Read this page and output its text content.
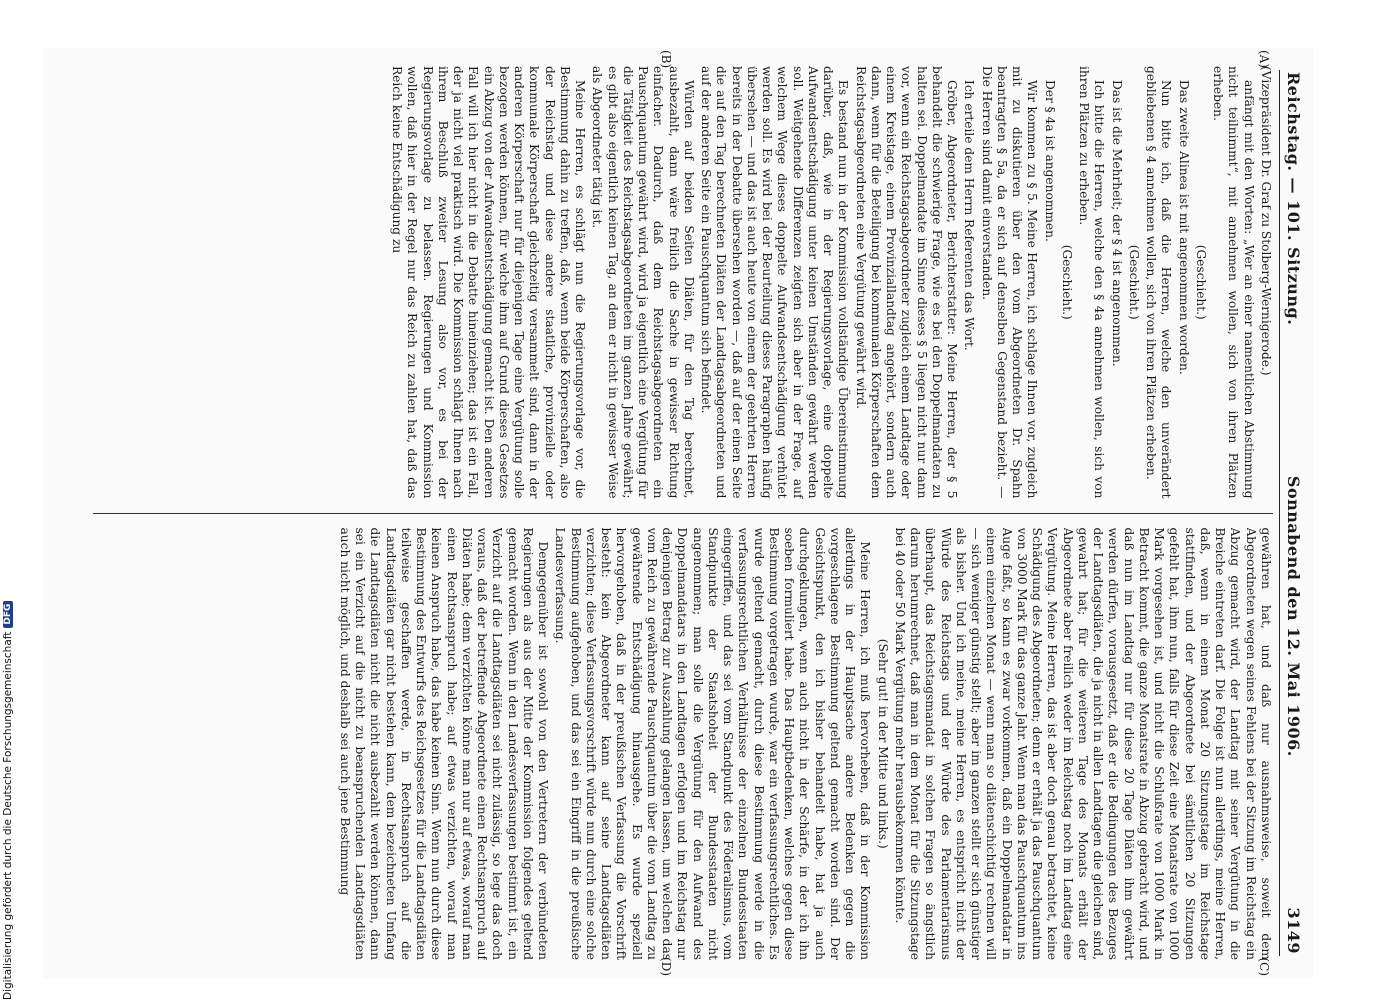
Reichstag. — 101. Sitzung.
Sonnabend den 12. Mai 1906.
3149
(A)
(B)
(C)
(D)

(Vizepräsident Dr. Graf zu Stolberg-Wernigerode.)

anfängt mit den Worten: „Wer an einer namentlichen Abstimmung nicht teilnimmt“, mit annehmen wollen, sich von ihren Plätzen erheben.

(Geschieht.)

Das zweite Alinea ist mit angenommen worden.

Nun bitte ich, daß die Herren, welche den unverändert gebliebenen § 4 annehmen wollen, sich von ihren Plätzen erheben.

(Geschieht.)

Das ist die Mehrheit; der § 4 ist angenommen.

Ich bitte die Herren, welche den § 4a annehmen wollen, sich von ihren Plätzen zu erheben.

(Geschieht.)

Der § 4a ist angenommen.

Wir kommen zu § 5. Meine Herren, ich schlage Ihnen vor, zugleich mit zu diskutieren über den vom Abgeordneten Dr. Spahn beantragten § 5a, da er sich auf denselben Gegenstand bezieht. — Die Herren sind damit einverstanden.

Ich erteile dem Herrn Referenten das Wort.

Gröber, Abgeordneter, Berichterstatter: Meine Herren, der § 5 behandelt die schwierige Frage, wie es bei den Doppelmandaten zu halten sei. Doppelmandate im Sinne dieses § 5 liegen nicht nur dann vor, wenn ein Reichstagsabgeordneter zugleich einem Landtage oder einem Kreistage, einem Provinziallandtag angehört, sondern auch dann, wenn für die Beteiligung bei kommunalen Körperschaften dem Reichstagsabgeordneten eine Vergütung gewährt wird.

Es bestand nun in der Kommission vollständige Übereinstimmung darüber, daß, wie in der Regierungsvorlage, eine doppelte Aufwandsentschädigung unter keinen Umständen gewährt werden soll. Weitgehende Differenzen zeigten sich aber in der Frage, auf welchem Wege dieses doppelte Aufwandsentschädigung verhütet werden soll. Es wird bei der Beurteilung dieses Paragraphen häufig übersehen — und das ist auch heute von einem der geehrten Herren bereits in der Debatte übersehen worden —, daß auf der einen Seite die auf den Tag berechneten Diäten der Landtagsabgeordneten und auf der anderen Seite ein Pauschquantum sich befindet.

Würden auf beiden Seiten Diäten, für den Tag berechnet, ausbezahlt, dann wäre freilich die Sache in gewisser Richtung einfacher. Dadurch, daß dem Reichstagsabgeordneten ein Pauschquantum gewährt wird, wird ja eigentlich eine Vergütung für die Tätigkeit des Reichstagsabgeordneten im ganzen Jahre gewährt; es gibt also eigentlich keinen Tag, an dem er nicht in gewisser Weise als Abgeordneter tätig ist.

Meine Herren, es schlägt nun die Regierungsvorlage vor, die Bestimmung dahin zu treffen, daß, wenn beide Körperschaften, also der Reichstag und diese andere staatliche, provinzielle oder kommunale Körperschaft gleichzeitig versammelt sind, dann in der anderen Körperschaft nur für diejenigen Tage eine Vergütung solle bezogen werden können, für welche ihm auf Grund dieses Gesetzes ein Abzug von der Aufwandsentschädigung gemacht ist. Den anderen Fall will ich hier nicht in die Debatte hineinziehen; das ist ein Fall, der ja nicht viel praktisch wird. Die Kommission schlägt Ihnen nach ihrem Beschluß zweiter Lesung also vor, es bei der Regierungsvorlage zu belassen. Regierungen und Kommission wollen, daß hier in der Regel nur das Reich zu zahlen hat, daß das Reich keine Entschädigung zu

gewähren hat, und daß nur ausnahmsweise, soweit dem Abgeordneten wegen seines Fehlens bei der Sitzung im Reichstag ein Abzug gemacht wird, der Landtag mit seiner Vergütung in die Breiche eintreten darf. Die Folge ist nun allerdings, meine Herren, daß, wenn in einem Monat 20 Sitzungstage im Reichstage stattfinden, und der Abgeordnete bei sämtlichen 20 Sitzungen gefehlt hat, ihm nun, falls für diese Zeit eine Monatsrate von 1000 Mark vorgesehen ist, und nicht die Schlußrate von 1000 Mark in Betracht kommt, die ganze Monatsrate in Abzug gebracht wird, und daß nun im Landtag nur für diese 20 Tage Diäten ihm gewährt werden dürfen, vorausgesetzt, daß er die Bedingungen des Bezuges der Landtagsdiäten, die ja nicht in allen Landtagen die gleichen sind, gewahrt hat; für die weiteren Tage des Monats erhält der Abgeordnete aber freilich weder im Reichstag noch im Landtag eine Vergütung. Meine Herren, das ist aber doch genau betrachtet, keine Schädigung des Abgeordneten; denn er erhält ja das Pauschquantum von 3000 Mark für das ganze Jahr. Wenn man das Pauschquantum ins Auge faßt, so kann es zwar vorkommen, daß ein Doppelmandatar in einem einzelnen Monat — wenn man so diätenschichtig rechnen will — sich weniger günstig stellt; aber im ganzen stellt er sich günstiger als bisher. Und ich meine, meine Herren, es entspricht nicht der Würde des Reichstags und der Würde des Parlamentarismus überhaupt, das Reichstagsmandat in solchen Fragen so ängstlich darum herumrechnet, daß man in dem Monat für die Sitzungstage bei 40 oder 50 Mark Vergütung mehr herausbekommen könnte.

(Sehr gut! in der Mitte und links.)

Meine Herren, ich muß hervorheben, daß in der Kommission allerdings in der Hauptsache andere Bedenken gegen die vorgeschlagene Bestimmung geltend gemacht worden sind. Der Gesichtspunkt, den ich bisher behandelt habe, hat ja auch durchgeklungen, wenn auch nicht in der Schärfe, in der ich ihn soeben formuliert habe. Das Hauptbedenken, welches gegen diese Bestimmung vorgetragen wurde, war ein verfassungsrechtliches. Es wurde geltend gemacht, durch diese Bestimmung werde in die verfassungsrechtlichen Verhältnisse der einzelnen Bundesstaaten eingegriffen, und das sei vom Standpunkt des Föderalismus, vom Standpunkte der Staatshoheit der Bundesstaaten nicht angenommen; man solle die Vergütung für den Aufwand des Doppelmandatars in den Landtagen erfolgen und im Reichstag nur denjenigen Betrag zur Auszahlung gelangen lassen, um welchen das vom Reich zu gewährende Pauschquantum über die vom Landtag zu gewährende Entschädigung hinausgehe. Es wurde speziell hervorgehoben, daß in der preußischen Verfassung die Vorschrift besteht: kein Abgeordneter kann auf seine Landtagsdiäten verzichten; diese Verfassungsvorschrift würde nun durch eine solche Bestimmung aufgehoben, und das sei ein Eingriff in die preußische Landesverfassung.

Demgegenüber ist sowohl von den Vertretern der verbündeten Regierungen als aus der Mitte der Kommission folgendes geltend gemacht worden. Wenn in den Landesverfassungen bestimmt ist, ein Verzicht auf die Landtagsdiäten sei nicht zulässig, so lege das doch voraus, daß der betreffende Abgeordnete einen Rechtsanspruch auf Diäten habe; denn verzichten könne man nur auf etwas, worauf man einen Rechtsanspruch habe; auf etwas verzichten, worauf man keinen Anspruch habe, das habe keinen Sinn. Wenn nun durch diese Bestimmung des Entwurfs des Reichsgesetzes für die Landtagsdiäten teilweise geschaffen werde, in Rechtsanspruch auf die Landtagsdiäten gar nicht bestehen kann, dem bezeichneten Umfang die Landtagsdiäten nicht die nicht ausbezahlt werden können, dann sei ein Verzicht auf die nicht zu beanspruchenden Landtagsdiäten auch nicht möglich, und deshalb sei auch jene Bestimmung

Digitalisierung gefördert durch die Deutsche Forschungsgemeinschaft
DFG
